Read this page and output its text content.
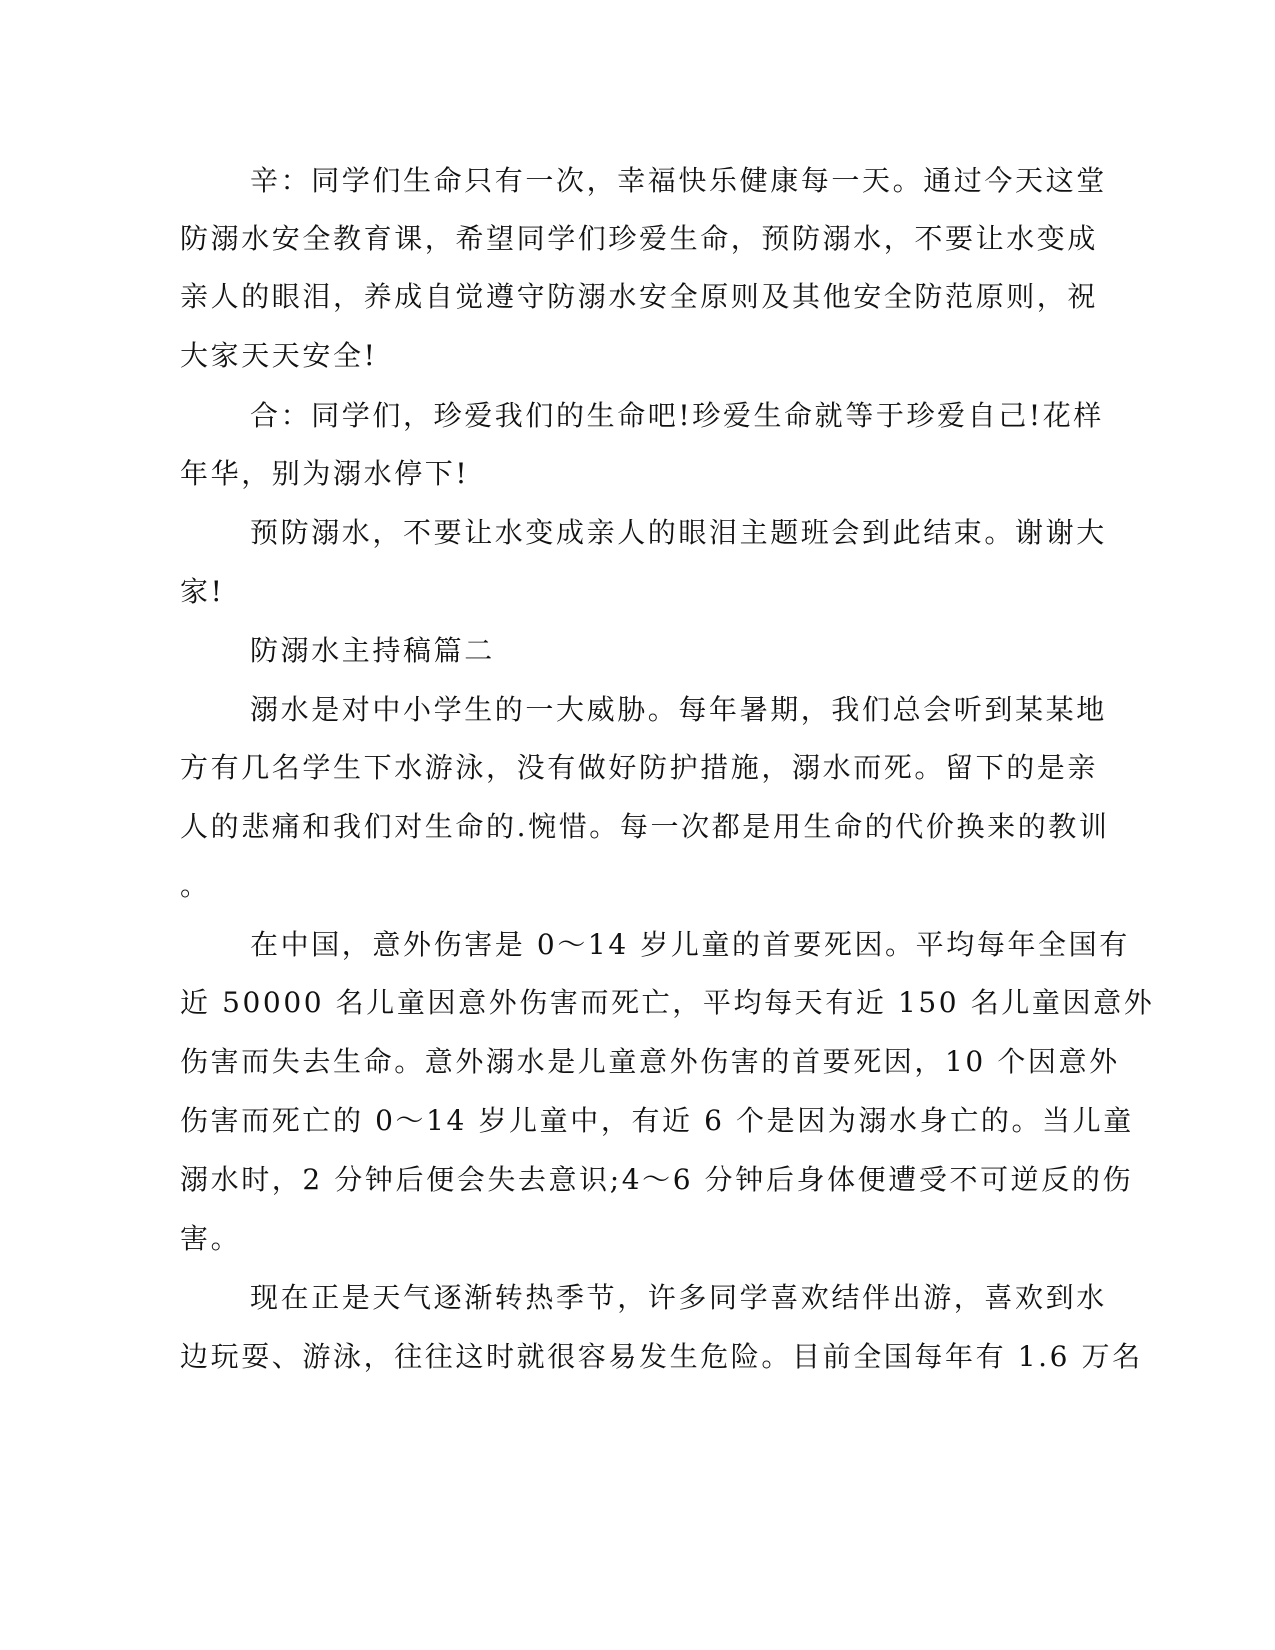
辛：同学们生命只有一次，幸福快乐健康每一天。通过今天这堂

防溺水安全教育课，希望同学们珍爱生命，预防溺水，不要让水变成

亲人的眼泪，养成自觉遵守防溺水安全原则及其他安全防范原则，祝

大家天天安全!

合：同学们，珍爱我们的生命吧!珍爱生命就等于珍爱自己!花样

年华，别为溺水停下!

预防溺水，不要让水变成亲人的眼泪主题班会到此结束。谢谢大

家!

防溺水主持稿篇二

溺水是对中小学生的一大威胁。每年暑期，我们总会听到某某地

方有几名学生下水游泳，没有做好防护措施，溺水而死。留下的是亲

人的悲痛和我们对生命的.惋惜。每一次都是用生命的代价换来的教训

。

在中国，意外伤害是 0～14 岁儿童的首要死因。平均每年全国有

近 50000 名儿童因意外伤害而死亡，平均每天有近 150 名儿童因意外

伤害而失去生命。意外溺水是儿童意外伤害的首要死因，10 个因意外

伤害而死亡的 0～14 岁儿童中，有近 6 个是因为溺水身亡的。当儿童

溺水时，2 分钟后便会失去意识;4～6 分钟后身体便遭受不可逆反的伤

害。

现在正是天气逐渐转热季节，许多同学喜欢结伴出游，喜欢到水

边玩耍、游泳，往往这时就很容易发生危险。目前全国每年有 1.6 万名
